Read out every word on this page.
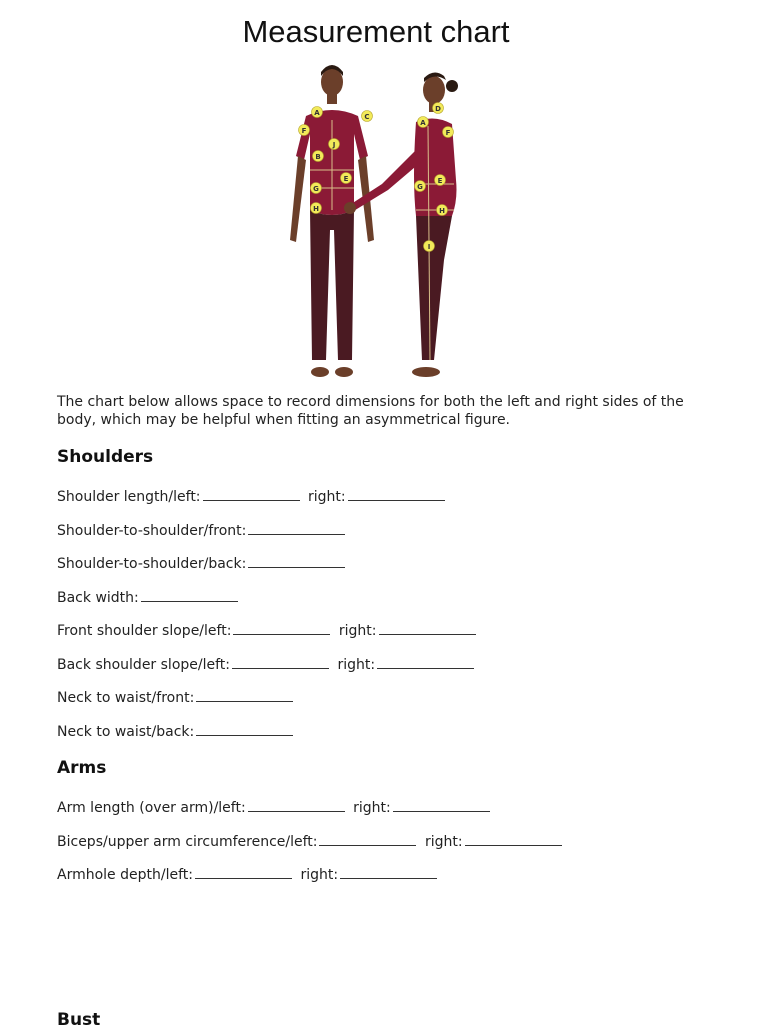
Measurement chart
A	C
F
J
B
E
G
H
D
A
F
E
G
H
I

The chart below allows space to record dimensions for both the left and right sides of the body, which may be helpful when fitting an asymmetrical figure.

Shoulders
Shoulder length/left:	right:
Shoulder-to-shoulder/front:
Shoulder-to-shoulder/back:
Back width:
Front shoulder slope/left:	right:
Back shoulder slope/left:	right:
Neck to waist/front:
Neck to waist/back:
Arms
Arm length (over arm)/left:	right:
Biceps/upper arm circumference/left:	right:
Armhole depth/left:	right:
Bust
